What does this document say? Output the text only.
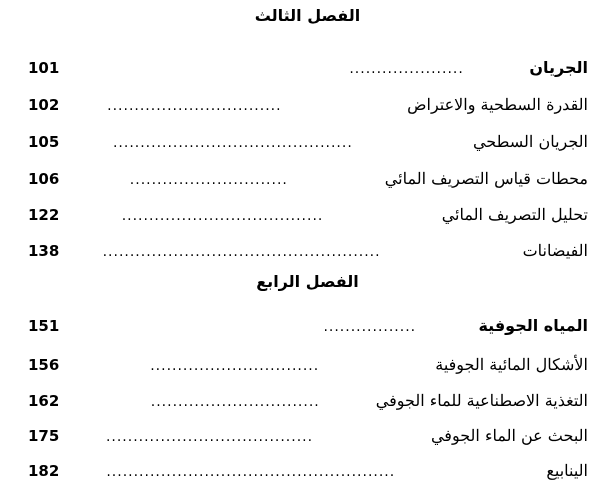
الفصل الثالث
101	الجريان
.....................
102	القدرة السطحية والاعتراض
................................
105	الجريان السطحي
............................................
106	محطات قياس التصريف المائي
.............................
122	تحليل التصريف المائي
.....................................
138	الفيضانات
...................................................
الفصل الرابع
151	المياه الجوفية
.................
156	الأشكال المائية الجوفية
...............................
162	التغذية الاصطناعية للماء الجوفي
...............................
175	البحث عن الماء الجوفي
......................................
182	الينابيع
.....................................................
